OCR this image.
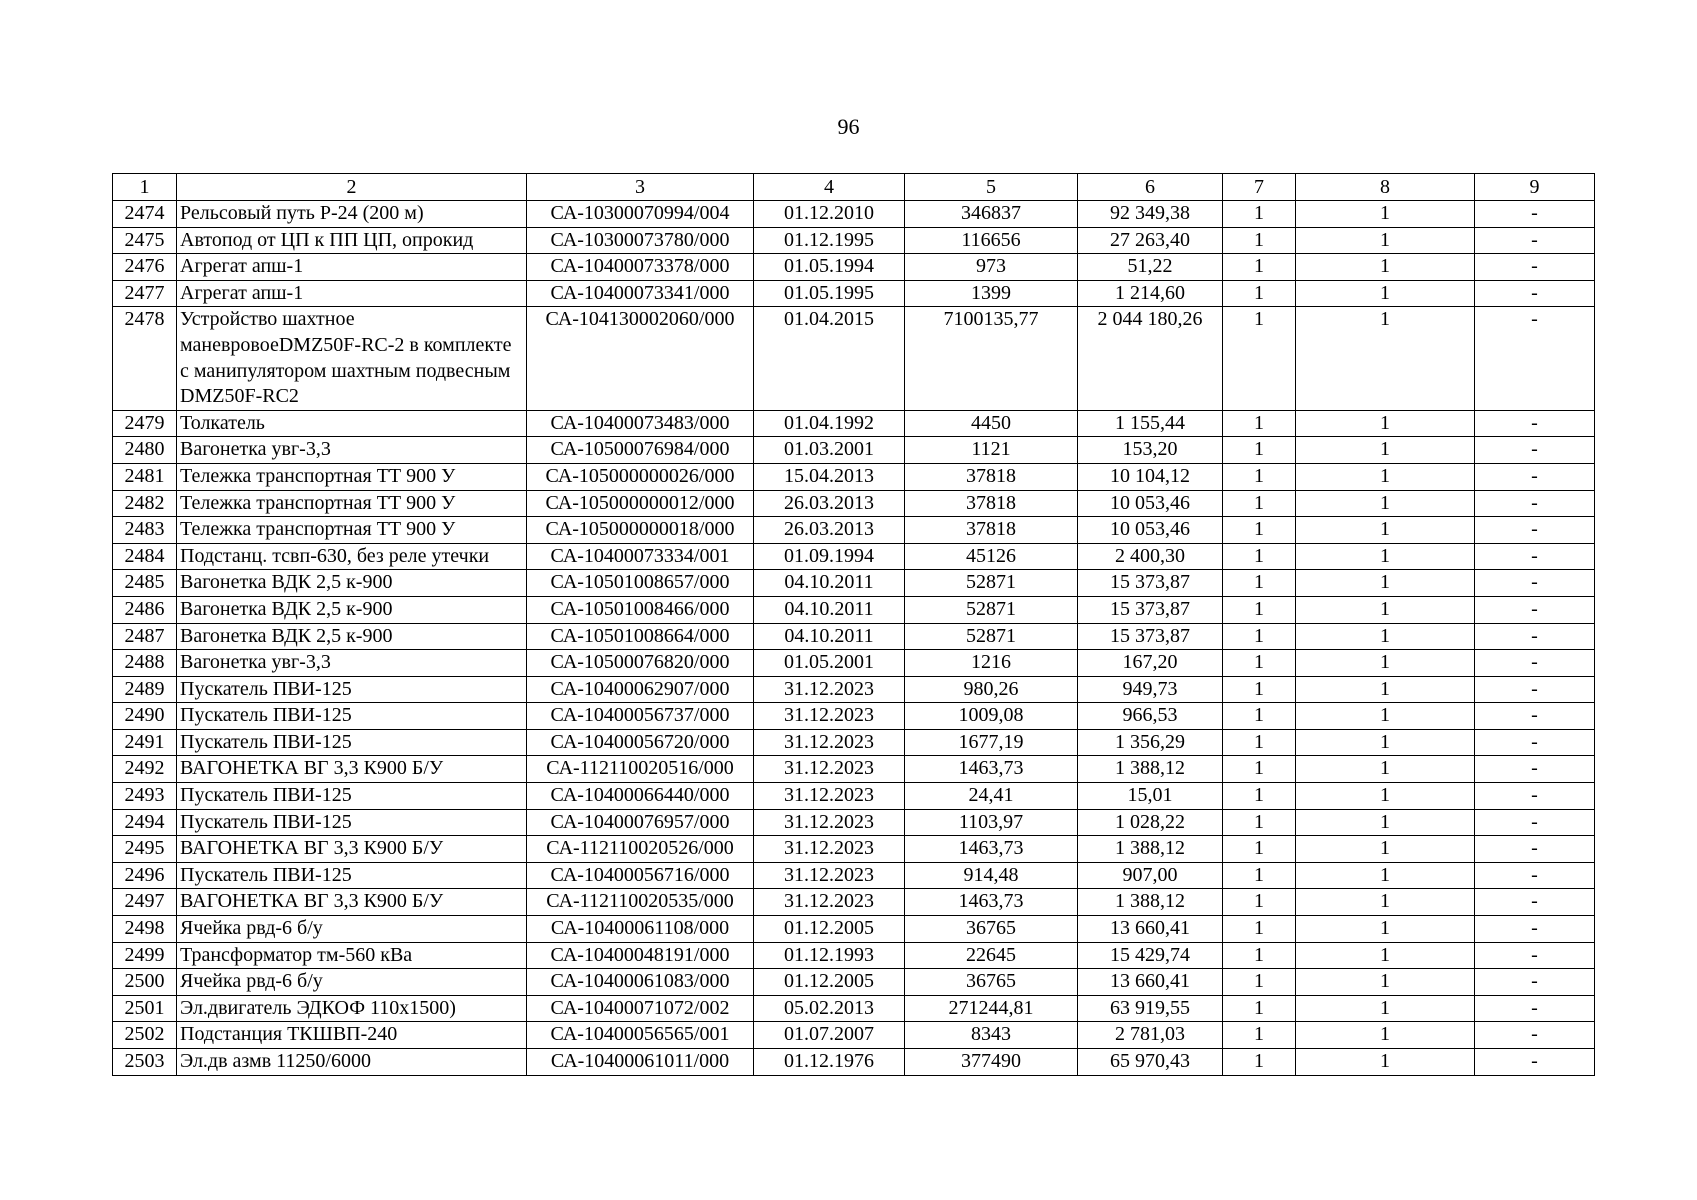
96
1	2	3	4	5	6	7	8	9
2474	Рельсовый путь Р-24 (200 м)	СА-10300070994/004	01.12.2010	346837	92 349,38	1	1	-
2475	Автопод от ЦП к ПП ЦП, опрокид	СА-10300073780/000	01.12.1995	116656	27 263,40	1	1	-
2476	Агрегат апш-1	СА-10400073378/000	01.05.1994	973	51,22	1	1	-
2477	Агрегат апш-1	СА-10400073341/000	01.05.1995	1399	1 214,60	1	1	-
2478	Устройство шахтное маневровоеDMZ50F-RC-2 в комплекте с манипулятором шахтным подвесным DMZ50F-RC2	СА-104130002060/000	01.04.2015	7100135,77	2 044 180,26	1	1	-
2479	Толкатель	СА-10400073483/000	01.04.1992	4450	1 155,44	1	1	-
2480	Вагонетка увг-3,3	СА-10500076984/000	01.03.2001	1121	153,20	1	1	-
2481	Тележка транспортная ТТ 900 У	СА-105000000026/000	15.04.2013	37818	10 104,12	1	1	-
2482	Тележка транспортная ТТ 900 У	СА-105000000012/000	26.03.2013	37818	10 053,46	1	1	-
2483	Тележка транспортная ТТ 900 У	СА-105000000018/000	26.03.2013	37818	10 053,46	1	1	-
2484	Подстанц. тсвп-630, без реле утечки	СА-10400073334/001	01.09.1994	45126	2 400,30	1	1	-
2485	Вагонетка ВДК 2,5 к-900	СА-10501008657/000	04.10.2011	52871	15 373,87	1	1	-
2486	Вагонетка ВДК 2,5 к-900	СА-10501008466/000	04.10.2011	52871	15 373,87	1	1	-
2487	Вагонетка ВДК 2,5 к-900	СА-10501008664/000	04.10.2011	52871	15 373,87	1	1	-
2488	Вагонетка увг-3,3	СА-10500076820/000	01.05.2001	1216	167,20	1	1	-
2489	Пускатель ПВИ-125	СА-10400062907/000	31.12.2023	980,26	949,73	1	1	-
2490	Пускатель ПВИ-125	СА-10400056737/000	31.12.2023	1009,08	966,53	1	1	-
2491	Пускатель ПВИ-125	СА-10400056720/000	31.12.2023	1677,19	1 356,29	1	1	-
2492	ВАГОНЕТКА ВГ 3,3 К900 Б/У	СА-112110020516/000	31.12.2023	1463,73	1 388,12	1	1	-
2493	Пускатель ПВИ-125	СА-10400066440/000	31.12.2023	24,41	15,01	1	1	-
2494	Пускатель ПВИ-125	СА-10400076957/000	31.12.2023	1103,97	1 028,22	1	1	-
2495	ВАГОНЕТКА ВГ 3,3 К900 Б/У	СА-112110020526/000	31.12.2023	1463,73	1 388,12	1	1	-
2496	Пускатель ПВИ-125	СА-10400056716/000	31.12.2023	914,48	907,00	1	1	-
2497	ВАГОНЕТКА ВГ 3,3 К900 Б/У	СА-112110020535/000	31.12.2023	1463,73	1 388,12	1	1	-
2498	Ячейка рвд-6 б/у	СА-10400061108/000	01.12.2005	36765	13 660,41	1	1	-
2499	Трансформатор тм-560 кВа	СА-10400048191/000	01.12.1993	22645	15 429,74	1	1	-
2500	Ячейка рвд-6 б/у	СА-10400061083/000	01.12.2005	36765	13 660,41	1	1	-
2501	Эл.двигатель ЭДКОФ 110х1500)	СА-10400071072/002	05.02.2013	271244,81	63 919,55	1	1	-
2502	Подстанция ТКШВП-240	СА-10400056565/001	01.07.2007	8343	2 781,03	1	1	-
2503	Эл.дв азмв 11250/6000	СА-10400061011/000	01.12.1976	377490	65 970,43	1	1	-
